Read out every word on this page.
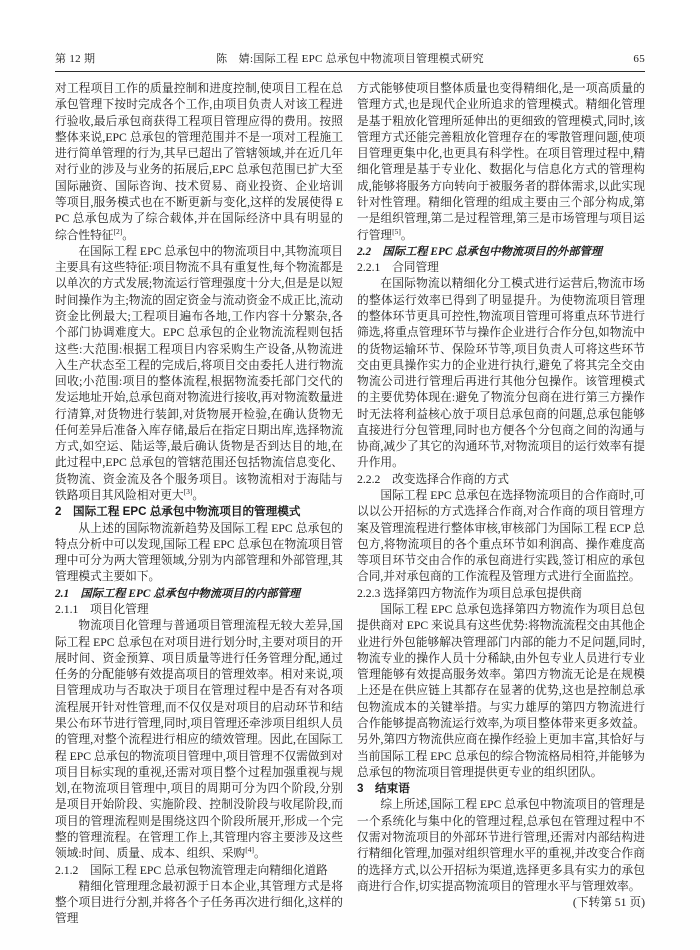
第 12 期	陈　婧:国际工程 EPC 总承包中物流项目管理模式研究	65
对工程项目工作的质量控制和进度控制,使项目工程在总承包管理下按时完成各个工作,由项目负责人对该工程进行验收,最后承包商获得工程项目管理应得的费用。按照整体来说,EPC 总承包的管理范围并不是一项对工程施工进行简单管理的行为,其早已超出了管辖领域,并在近几年对行业的涉及与业务的拓展后,EPC 总承包范围已扩大至国际融资、国际咨询、技术贸易、商业投资、企业培训等项目,服务模式也在不断更新与变化,这样的发展使得 EPC 总承包成为了综合载体,并在国际经济中具有明显的综合性特征[2]。
在国际工程 EPC 总承包中的物流项目中,其物流项目主要具有这些特征:项目物流不具有重复性,每个物流都是以单次的方式发展;物流运行管理强度十分大,但是是以短时间操作为主;物流的固定资金与流动资金不成正比,流动资金比例最大;工程项目遍布各地,工作内容十分繁杂,各个部门协调难度大。EPC 总承包的企业物流流程则包括这些:大范围:根据工程项目内容采购生产设备,从物流进入生产状态至工程的完成后,将项目交由委托人进行物流回收;小范围:项目的整体流程,根据物流委托部门交代的发运地址开始,总承包商对物流进行接收,再对物流数量进行清算,对货物进行装卸,对货物展开检验,在确认货物无任何差异后准备入库存储,最后在指定日期出库,选择物流方式,如空运、陆运等,最后确认货物是否到达目的地,在此过程中,EPC 总承包的管辖范围还包括物流信息变化、货物流、资金流及各个服务项目。该物流相对于海陆与铁路项目其风险相对更大[3]。
2　国际工程 EPC 总承包中物流项目的管理模式
从上述的国际物流新趋势及国际工程 EPC 总承包的特点分析中可以发现,国际工程 EPC 总承包在物流项目管理中可分为两大管理领域,分别为内部管理和外部管理,其管理模式主要如下。
2.1　国际工程 EPC 总承包中物流项目的内部管理
2.1.1　项目化管理
物流项目化管理与普通项目管理流程无较大差异,国际工程 EPC 总承包在对项目进行划分时,主要对项目的开展时间、资金预算、项目质量等进行任务管理分配,通过任务的分配能够有效提高项目的管理效率。相对来说,项目管理成功与否取决于项目在管理过程中是否有对各项流程展开针对性管理,而不仅仅是对项目的启动环节和结果公布环节进行管理,同时,项目管理还牵涉项目组织人员的管理,对整个流程进行相应的绩效管理。因此,在国际工程 EPC 总承包的物流项目管理中,项目管理不仅需做到对项目目标实现的重视,还需对项目整个过程加强重视与规划,在物流项目管理中,项目的周期可分为四个阶段,分别是项目开始阶段、实施阶段、控制没阶段与收尾阶段,而项目的管理流程则是围绕这四个阶段所展开,形成一个完整的管理流程。在管理工作上,其管理内容主要涉及这些领域:时间、质量、成本、组织、采购[4]。
2.1.2　国际工程 EPC 总承包物流管理走向精细化道路
精细化管理理念最初源于日本企业,其管理方式是将整个项目进行分割,并将各个子任务再次进行细化,这样的管理
方式能够使项目整体质量也变得精细化,是一项高质量的管理方式,也是现代企业所追求的管理模式。精细化管理是基于粗放化管理所延伸出的更细致的管理模式,同时,该管理方式还能完善粗放化管理存在的零散管理问题,使项目管理更集中化,也更具有科学性。在项目管理过程中,精细化管理是基于专业化、数据化与信息化方式的管理构成,能够将服务方向转向于被服务者的群体需求,以此实现针对性管理。精细化管理的组成主要由三个部分构成,第一是组织管理,第二是过程管理,第三是市场管理与项目运行管理[5]。
2.2　国际工程 EPC 总承包中物流项目的外部管理
2.2.1　合同管理
在国际物流以精细化分工模式进行运营后,物流市场的整体运行效率已得到了明显提升。为使物流项目管理的整体环节更具可控性,物流项目管理可将重点环节进行筛选,将重点管理环节与操作企业进行合作分包,如物流中的货物运输环节、保险环节等,项目负责人可将这些环节交由更具操作实力的企业进行执行,避免了将其完全交由物流公司进行管理后再进行其他分包操作。该管理模式的主要优势体现在:避免了物流分包商在进行第三方操作时无法将利益核心放于项目总承包商的问题,总承包能够直接进行分包管理,同时也方便各个分包商之间的沟通与协商,减少了其它的沟通环节,对物流项目的运行效率有提升作用。
2.2.2　改变选择合作商的方式
国际工程 EPC 总承包在选择物流项目的合作商时,可以以公开招标的方式选择合作商,对合作商的项目管理方案及管理流程进行整体审核,审核部门为国际工程 ECP 总包方,将物流项目的各个重点环节如利润高、操作难度高等项目环节交由合作的承包商进行实践,签订相应的承包合同,并对承包商的工作流程及管理方式进行全面监控。
2.2.3 选择第四方物流作为项目总承包提供商
国际工程 EPC 总承包选择第四方物流作为项目总包提供商对 EPC 来说具有这些优势:将物流流程交由其他企业进行外包能够解决管理部门内部的能力不足问题,同时,物流专业的操作人员十分稀缺,由外包专业人员进行专业管理能够有效提高服务效率。第四方物流无论是在规模上还是在供应链上其都存在显著的优势,这也是控制总承包物流成本的关键举措。与实力雄厚的第四方物流进行合作能够提高物流运行效率,为项目整体带来更多效益。另外,第四方物流供应商在操作经验上更加丰富,其恰好与当前国际工程 EPC 总承包的综合物流格局相符,并能够为总承包的物流项目管理提供更专业的组织团队。
3　结束语
综上所述,国际工程 EPC 总承包中物流项目的管理是一个系统化与集中化的管理过程,总承包在管理过程中不仅需对物流项目的外部环节进行管理,还需对内部结构进行精细化管理,加强对组织管理水平的重视,并改变合作商的选择方式,以公开招标为渠道,选择更多具有实力的承包商进行合作,切实提高物流项目的管理水平与管理效率。
(下转第 51 页)
